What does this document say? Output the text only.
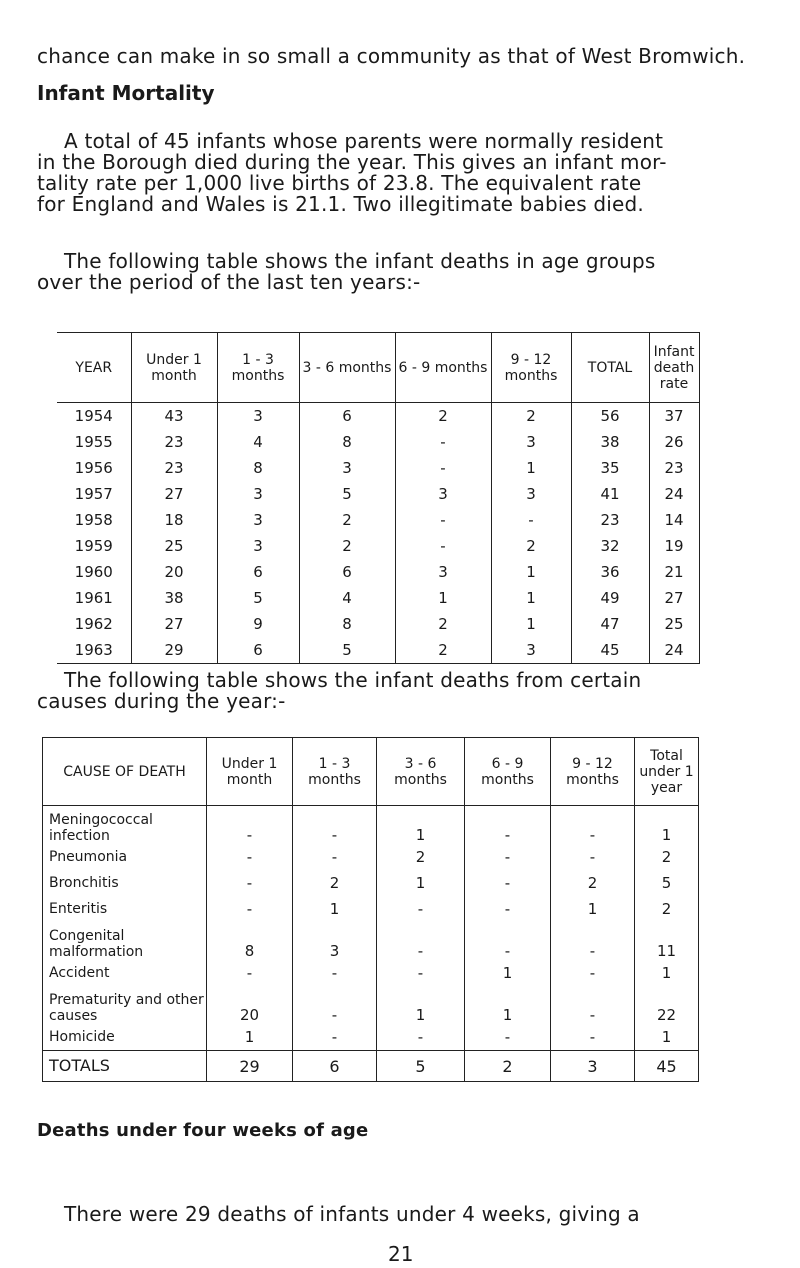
chance can make in so small a community as that of West Bromwich.

Infant Mortality

A total of 45 infants whose parents were normally resident

in the Borough died during the year. This gives an infant mor-

tality rate per 1,000 live births of 23.8. The equivalent rate

for England and Wales is 21.1. Two illegitimate babies died.

The following table shows the infant deaths in age groups

over the period of the last ten years:-

YEAR	Under 1 month	1 - 3 months	3 - 6 months	6 - 9 months	9 - 12 months	TOTAL	Infant death rate
1954	43	3	6	2	2	56	37
1955	23	4	8	-	3	38	26
1956	23	8	3	-	1	35	23
1957	27	3	5	3	3	41	24
1958	18	3	2	-	-	23	14
1959	25	3	2	-	2	32	19
1960	20	6	6	3	1	36	21
1961	38	5	4	1	1	49	27
1962	27	9	8	2	1	47	25
1963	29	6	5	2	3	45	24

The following table shows the infant deaths from certain

causes during the year:-

CAUSE OF DEATH	Under 1 month	1 - 3 months	3 - 6 months	6 - 9 months	9 - 12 months	Total under 1 year
Meningococcal infection	-	-	1	-	-	1
Pneumonia	-	-	2	-	-	2
Bronchitis	-	2	1	-	2	5
Enteritis	-	1	-	-	1	2
Congenital malformation	8	3	-	-	-	11
Accident	-	-	-	1	-	1
Prematurity and other causes	20	-	1	1	-	22
Homicide	1	-	-	-	-	1
TOTALS	29	6	5	2	3	45

Deaths under four weeks of age

There were 29 deaths of infants under 4 weeks, giving a

21
